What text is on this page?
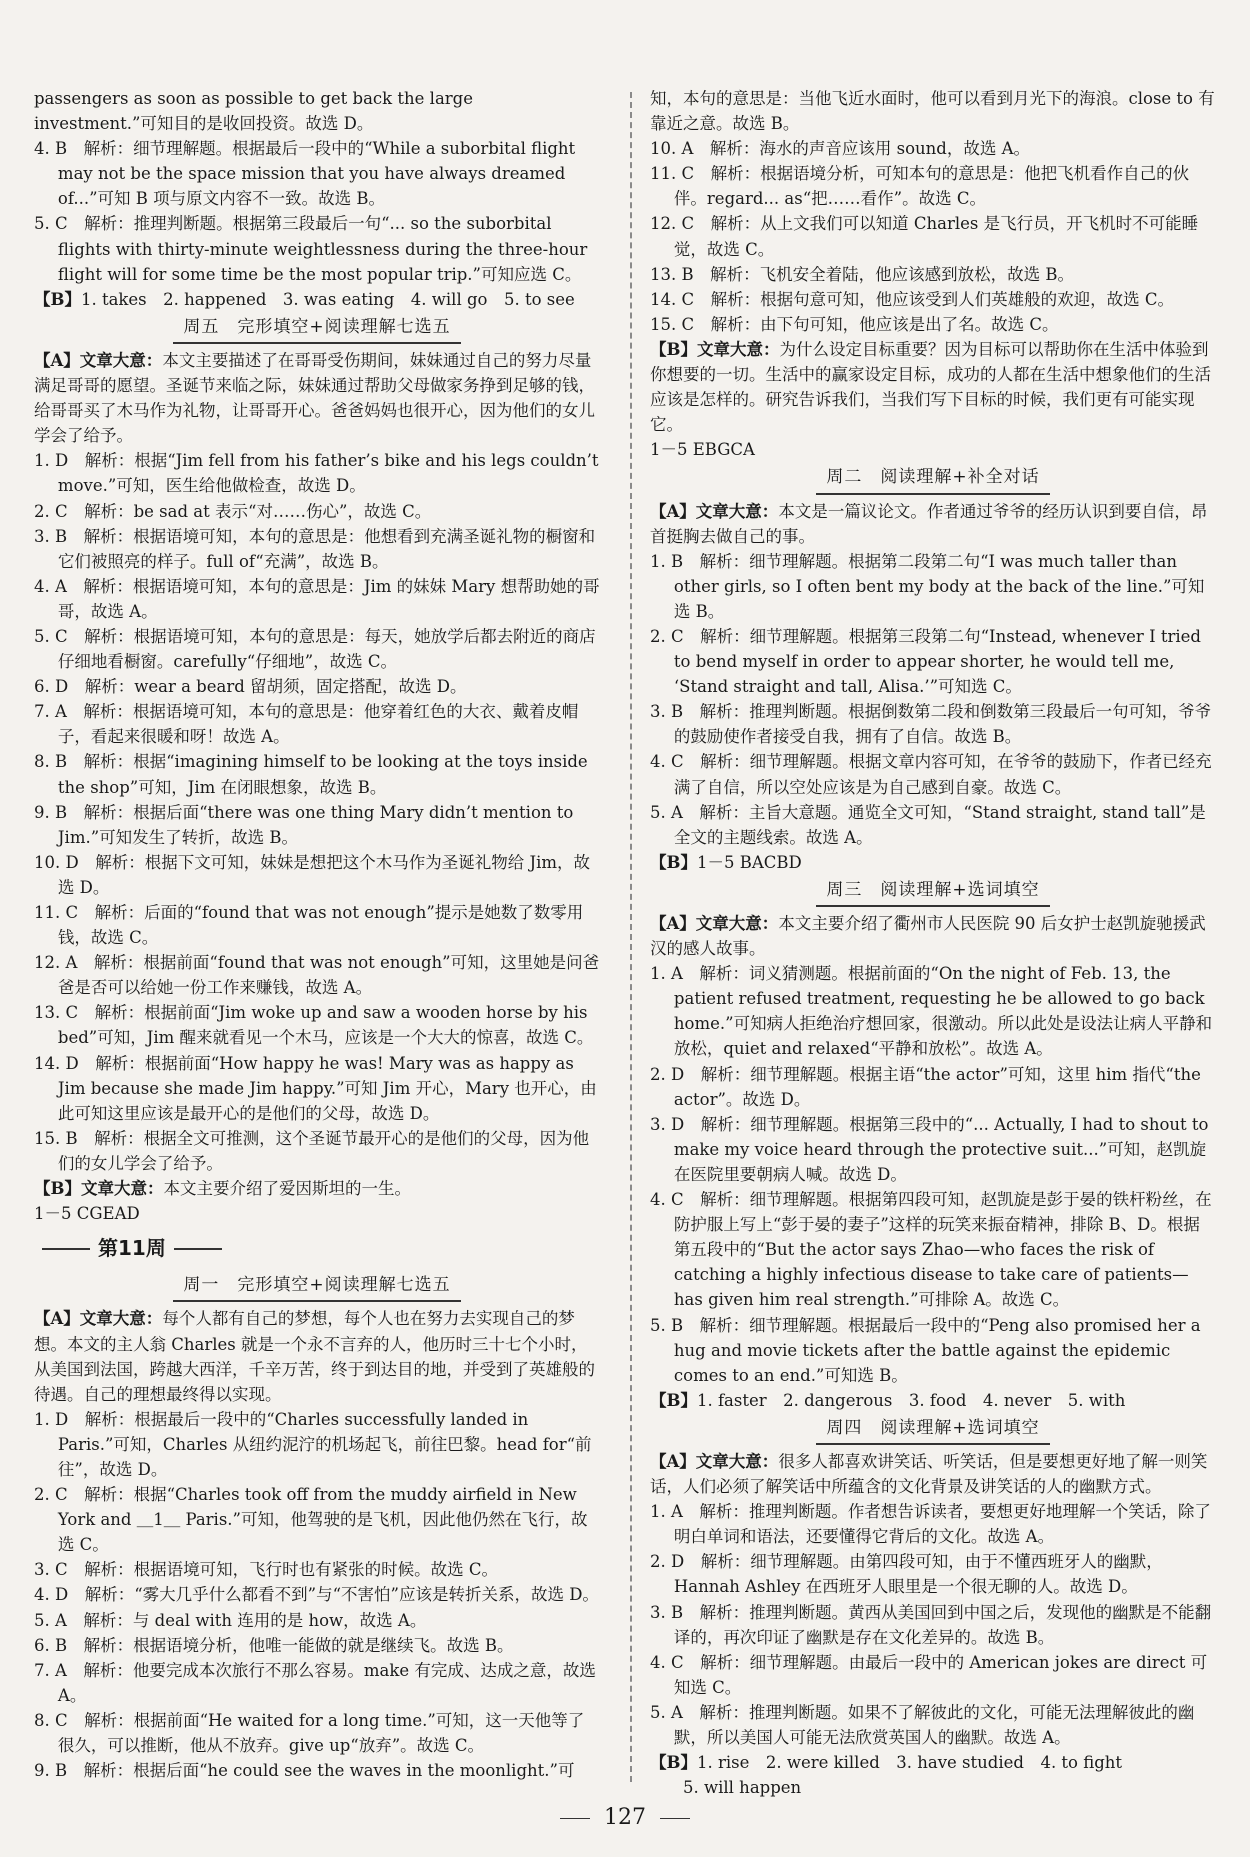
passengers as soon as possible to get back the large investment.”可知目的是收回投资。故选 D。

4. B　解析：细节理解题。根据最后一段中的“While a suborbital flight may not be the space mission that you have always dreamed of...”可知 B 项与原文内容不一致。故选 B。

5. C　解析：推理判断题。根据第三段最后一句“... so the suborbital flights with thirty-minute weightlessness during the three-hour flight will for some time be the most popular trip.”可知应选 C。

【B】1. takes　2. happened　3. was eating　4. will go　5. to see

周五　完形填空+阅读理解七选五

【A】文章大意：本文主要描述了在哥哥受伤期间，妹妹通过自己的努力尽量满足哥哥的愿望。圣诞节来临之际，妹妹通过帮助父母做家务挣到足够的钱，给哥哥买了木马作为礼物，让哥哥开心。爸爸妈妈也很开心，因为他们的女儿学会了给予。

1. D　解析：根据“Jim fell from his father’s bike and his legs couldn’t move.”可知，医生给他做检查，故选 D。

2. C　解析：be sad at 表示“对……伤心”，故选 C。

3. B　解析：根据语境可知，本句的意思是：他想看到充满圣诞礼物的橱窗和它们被照亮的样子。full of“充满”，故选 B。

4. A　解析：根据语境可知，本句的意思是：Jim 的妹妹 Mary 想帮助她的哥哥，故选 A。

5. C　解析：根据语境可知，本句的意思是：每天，她放学后都去附近的商店仔细地看橱窗。carefully“仔细地”，故选 C。

6. D　解析：wear a beard 留胡须，固定搭配，故选 D。

7. A　解析：根据语境可知，本句的意思是：他穿着红色的大衣、戴着皮帽子，看起来很暖和呀！故选 A。

8. B　解析：根据“imagining himself to be looking at the toys inside the shop”可知，Jim 在闭眼想象，故选 B。

9. B　解析：根据后面“there was one thing Mary didn’t mention to Jim.”可知发生了转折，故选 B。

10. D　解析：根据下文可知，妹妹是想把这个木马作为圣诞礼物给 Jim，故选 D。

11. C　解析：后面的“found that was not enough”提示是她数了数零用钱，故选 C。

12. A　解析：根据前面“found that was not enough”可知，这里她是问爸爸是否可以给她一份工作来赚钱，故选 A。

13. C　解析：根据前面“Jim woke up and saw a wooden horse by his bed”可知，Jim 醒来就看见一个木马，应该是一个大大的惊喜，故选 C。

14. D　解析：根据前面“How happy he was! Mary was as happy as Jim because she made Jim happy.”可知 Jim 开心，Mary 也开心，由此可知这里应该是最开心的是他们的父母，故选 D。

15. B　解析：根据全文可推测，这个圣诞节最开心的是他们的父母，因为他们的女儿学会了给予。

【B】文章大意：本文主要介绍了爱因斯坦的一生。

1－5 CGEAD

第11周
周一　完形填空+阅读理解七选五

【A】文章大意：每个人都有自己的梦想，每个人也在努力去实现自己的梦想。本文的主人翁 Charles 就是一个永不言弃的人，他历时三十七个小时，从美国到法国，跨越大西洋，千辛万苦，终于到达目的地，并受到了英雄般的待遇。自己的理想最终得以实现。

1. D　解析：根据最后一段中的“Charles successfully landed in Paris.”可知，Charles 从纽约泥泞的机场起飞，前往巴黎。head for“前往”，故选 D。

2. C　解析：根据“Charles took off from the muddy airfield in New York and ＿1＿ Paris.”可知，他驾驶的是飞机，因此他仍然在飞行，故选 C。

3. C　解析：根据语境可知，飞行时也有紧张的时候。故选 C。

4. D　解析：“雾大几乎什么都看不到”与“不害怕”应该是转折关系，故选 D。

5. A　解析：与 deal with 连用的是 how，故选 A。

6. B　解析：根据语境分析，他唯一能做的就是继续飞。故选 B。

7. A　解析：他要完成本次旅行不那么容易。make 有完成、达成之意，故选 A。

8. C　解析：根据前面“He waited for a long time.”可知，这一天他等了很久，可以推断，他从不放弃。give up“放弃”。故选 C。

9. B　解析：根据后面“he could see the waves in the moonlight.”可

知，本句的意思是：当他飞近水面时，他可以看到月光下的海浪。close to 有靠近之意。故选 B。

10. A　解析：海水的声音应该用 sound，故选 A。

11. C　解析：根据语境分析，可知本句的意思是：他把飞机看作自己的伙伴。regard... as“把……看作”。故选 C。

12. C　解析：从上文我们可以知道 Charles 是飞行员，开飞机时不可能睡觉，故选 C。

13. B　解析：飞机安全着陆，他应该感到放松，故选 B。

14. C　解析：根据句意可知，他应该受到人们英雄般的欢迎，故选 C。

15. C　解析：由下句可知，他应该是出了名。故选 C。

【B】文章大意：为什么设定目标重要？因为目标可以帮助你在生活中体验到你想要的一切。生活中的赢家设定目标，成功的人都在生活中想象他们的生活应该是怎样的。研究告诉我们，当我们写下目标的时候，我们更有可能实现它。

1－5 EBGCA

周二　阅读理解+补全对话

【A】文章大意：本文是一篇议论文。作者通过爷爷的经历认识到要自信，昂首挺胸去做自己的事。

1. B　解析：细节理解题。根据第二段第二句“I was much taller than other girls, so I often bent my body at the back of the line.”可知选 B。

2. C　解析：细节理解题。根据第三段第二句“Instead, whenever I tried to bend myself in order to appear shorter, he would tell me, ‘Stand straight and tall, Alisa.’”可知选 C。

3. B　解析：推理判断题。根据倒数第二段和倒数第三段最后一句可知，爷爷的鼓励使作者接受自我，拥有了自信。故选 B。

4. C　解析：细节理解题。根据文章内容可知，在爷爷的鼓励下，作者已经充满了自信，所以空处应该是为自己感到自豪。故选 C。

5. A　解析：主旨大意题。通览全文可知，“Stand straight, stand tall”是全文的主题线索。故选 A。

【B】1－5 BACBD

周三　阅读理解+选词填空

【A】文章大意：本文主要介绍了衢州市人民医院 90 后女护士赵凯旋驰援武汉的感人故事。

1. A　解析：词义猜测题。根据前面的“On the night of Feb. 13, the patient refused treatment, requesting he be allowed to go back home.”可知病人拒绝治疗想回家，很激动。所以此处是设法让病人平静和放松，quiet and relaxed“平静和放松”。故选 A。

2. D　解析：细节理解题。根据主语“the actor”可知，这里 him 指代“the actor”。故选 D。

3. D　解析：细节理解题。根据第三段中的“... Actually, I had to shout to make my voice heard through the protective suit...”可知，赵凯旋在医院里要朝病人喊。故选 D。

4. C　解析：细节理解题。根据第四段可知，赵凯旋是彭于晏的铁杆粉丝，在防护服上写上“彭于晏的妻子”这样的玩笑来振奋精神，排除 B、D。根据第五段中的“But the actor says Zhao—who faces the risk of catching a highly infectious disease to take care of patients—has given him real strength.”可排除 A。故选 C。

5. B　解析：细节理解题。根据最后一段中的“Peng also promised her a hug and movie tickets after the battle against the epidemic comes to an end.”可知选 B。

【B】1. faster　2. dangerous　3. food　4. never　5. with

周四　阅读理解+选词填空

【A】文章大意：很多人都喜欢讲笑话、听笑话，但是要想更好地了解一则笑话，人们必须了解笑话中所蕴含的文化背景及讲笑话的人的幽默方式。

1. A　解析：推理判断题。作者想告诉读者，要想更好地理解一个笑话，除了明白单词和语法，还要懂得它背后的文化。故选 A。

2. D　解析：细节理解题。由第四段可知，由于不懂西班牙人的幽默，Hannah Ashley 在西班牙人眼里是一个很无聊的人。故选 D。

3. B　解析：推理判断题。黄西从美国回到中国之后，发现他的幽默是不能翻译的，再次印证了幽默是存在文化差异的。故选 B。

4. C　解析：细节理解题。由最后一段中的 American jokes are direct 可知选 C。

5. A　解析：推理判断题。如果不了解彼此的文化，可能无法理解彼此的幽默，所以美国人可能无法欣赏英国人的幽默。故选 A。

【B】1. rise　2. were killed　3. have studied　4. to fight

　　5. will happen

127
